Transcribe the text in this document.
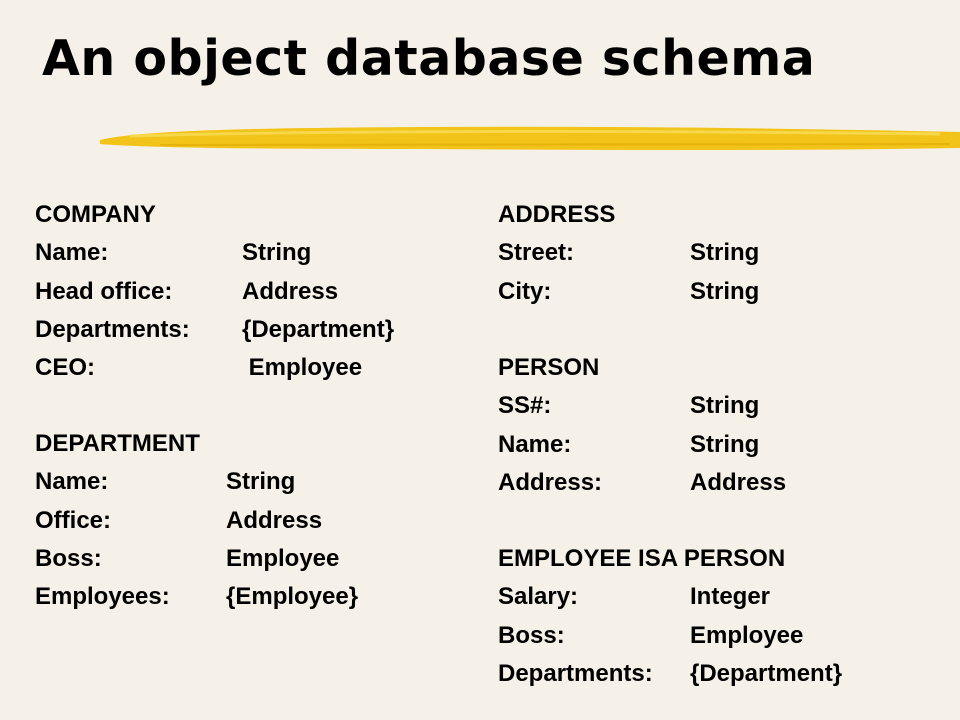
An object database schema
COMPANY
Name:	String
Head office:	Address
Departments:	{Department}
CEO:	Employee
DEPARTMENT
Name:	String
Office:	Address
Boss:	Employee
Employees:	{Employee}
ADDRESS
Street:	String
City:	String
PERSON
SS#:	String
Name:	String
Address:	Address
EMPLOYEE ISA PERSON
Salary:	Integer
Boss:	Employee
Departments:	{Department}
